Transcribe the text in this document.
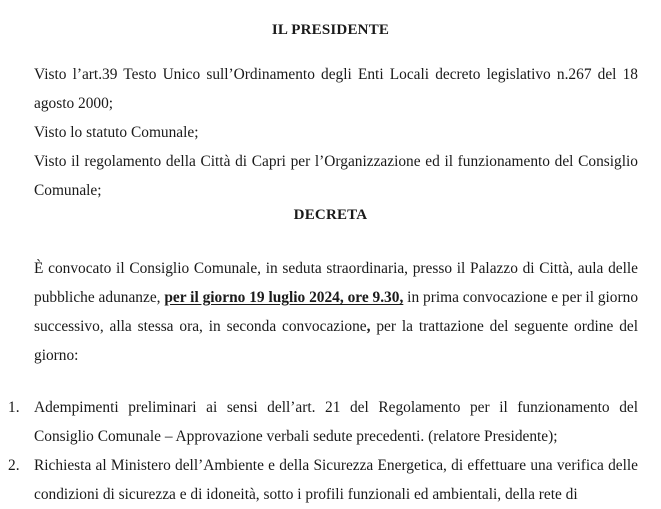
IL PRESIDENTE
Visto l’art.39 Testo Unico sull’Ordinamento degli Enti Locali decreto legislativo n.267 del 18 agosto 2000;
Visto lo statuto Comunale;
Visto il regolamento della Città di Capri per l’Organizzazione ed il funzionamento del Consiglio Comunale;
DECRETA
È convocato il Consiglio Comunale, in seduta straordinaria, presso il Palazzo di Città, aula delle pubbliche adunanze, per il giorno 19 luglio 2024, ore 9.30, in prima convocazione e per il giorno successivo, alla stessa ora, in seconda convocazione, per la trattazione del seguente ordine del giorno:
1. Adempimenti preliminari ai sensi dell’art. 21 del Regolamento per il funzionamento del Consiglio Comunale – Approvazione verbali sedute precedenti. (relatore Presidente);
2. Richiesta al Ministero dell’Ambiente e della Sicurezza Energetica, di effettuare una verifica delle condizioni di sicurezza e di idoneità, sotto i profili funzionali ed ambientali, della rete di
